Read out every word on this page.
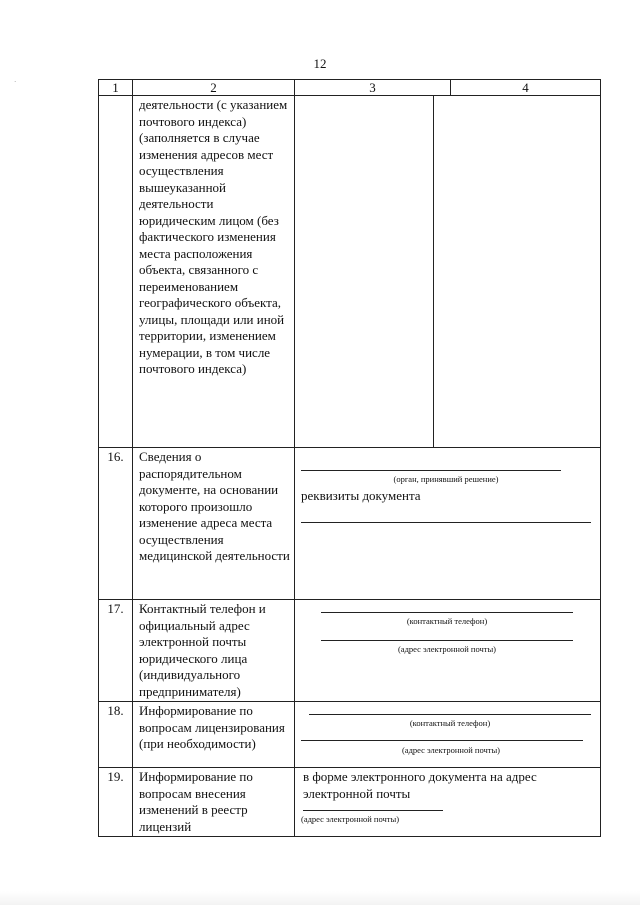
12
·	1	2	3 4

	деятельности (с указанием почтового индекса) (заполняется в случае изменения адресов мест осуществления вышеуказанной деятельности юридическим лицом (без фактического изменения места расположения объекта, связанного с переименованием географического объекта, улицы, площади или иной территории, изменением нумерации, в том числе почтового индекса)	

16.	Сведения о распорядительном документе, на основании которого произошло изменение адреса места осуществления медицинской деятельности	(орган, принявший решение)
реквизиты документа

17.	Контактный телефон и официальный адрес электронной почты юридического лица (индивидуального предпринимателя)	(контактный телефон)
(адрес электронной почты)

18.	Информирование по вопросам лицензирования (при необходимости)	(контактный телефон)
(адрес электронной почты)

19.	Информирование по вопросам внесения изменений в реестр лицензий	в форме электронного документа на адрес электронной почты
(адрес электронной почты)
